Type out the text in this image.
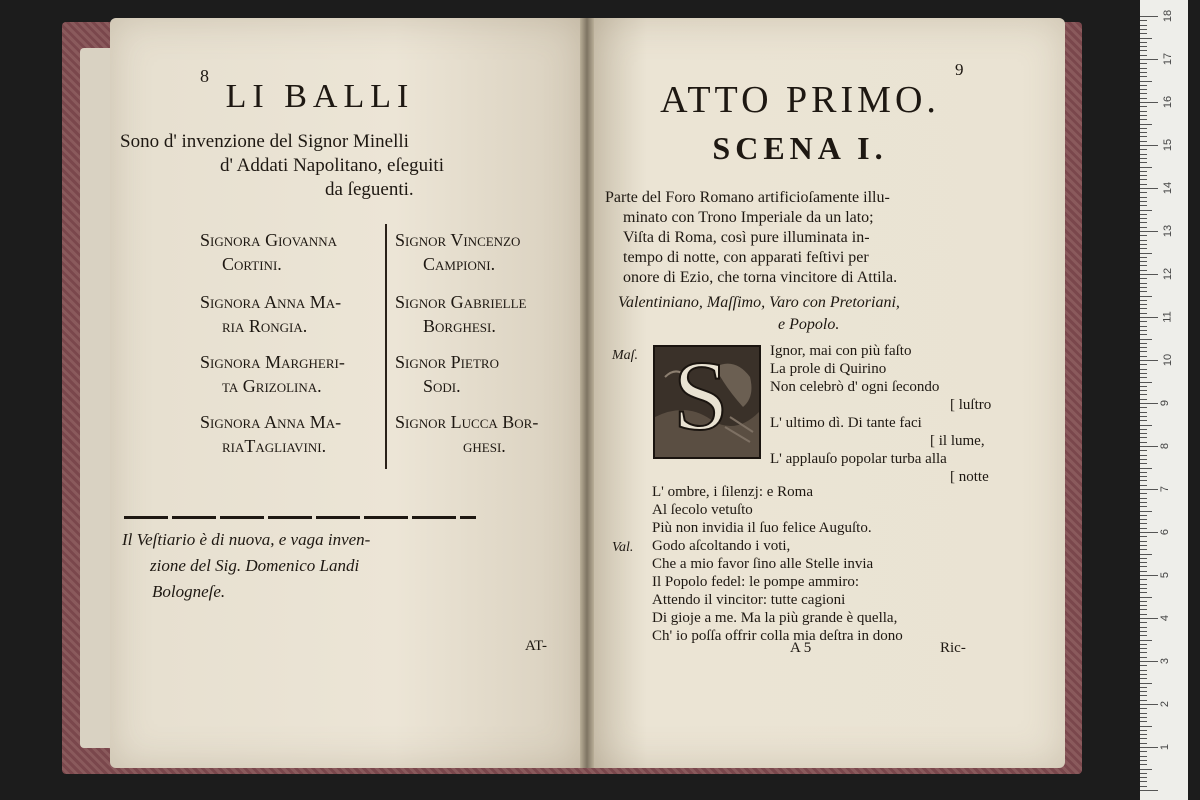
8
LI BALLI
Sono d' invenzione del Signor Minelli
d' Addati Napolitano, eſeguiti
da ſeguenti.
Signora Giovanna
Cortini.
Signora Anna Ma-
ria Rongia.
Signora Margheri-
ta Grizolina.
Signora Anna Ma-
riaTagliavini.
Signor Vincenzo
Campioni.
Signor Gabrielle
Borghesi.
Signor Pietro
Sodi.
Signor Lucca Bor-
ghesi.
Il Veſtiario è di nuova, e vaga inven-
zione del Sig. Domenico Landi
Bologneſe.
AT-
9
ATTO PRIMO.
SCENA I.
Parte del Foro Romano artificioſamente illu-
minato con Trono Imperiale da un lato;
Viſta di Roma, così pure illuminata in-
tempo di notte, con apparati feſtivi per
onore di Ezio, che torna vincitore di Attila.
Valentiniano, Maſſimo, Varo con Pretoriani,
e Popolo.
Maſ. S	Ignor, mai con più faſto
La prole di Quirino
Non celebrò d' ogni ſecondo
[ luſtro
L' ultimo dì. Di tante faci
[ il lume,
L' applauſo popolar turba alla
[ notte
L' ombre, i ſilenzj: e Roma
Al ſecolo vetuſto
Più non invidia il ſuo felice Auguſto.
Val. Godo aſcoltando i voti,
Che a mio favor ſino alle Stelle invia
Il Popolo fedel: le pompe ammiro:
Attendo il vincitor: tutte cagioni
Di gioje a me. Ma la più grande è quella,
Ch' io poſſa offrir colla mia deſtra in dono
A 5	Ric-
1
2
3
4
5
6
7
8
9
10
11
12
13
14
15
16
17
18
